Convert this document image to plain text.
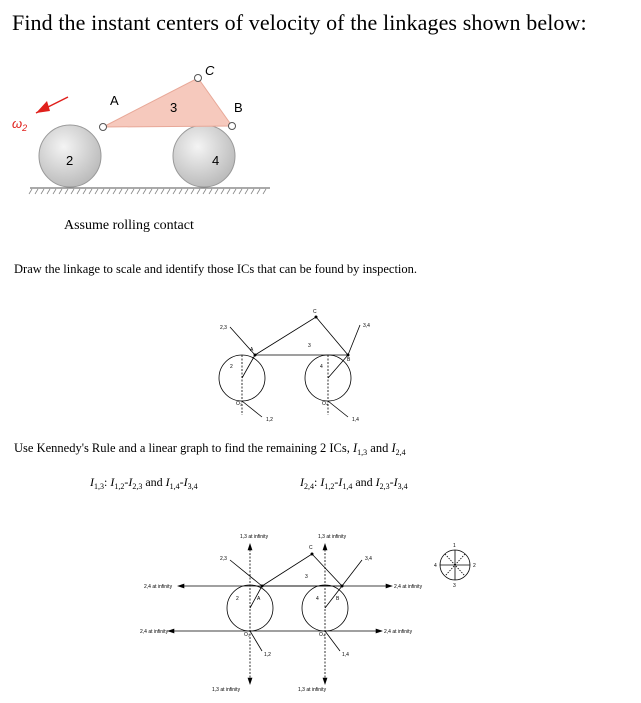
Find the instant centers of velocity of the linkages shown below:
$\omega_2$
A	B
C
2
3
4
Assume rolling contact
Draw the linkage to scale and identify those ICs that can be found by inspection.
2,3	3,4
1,2	1,4
A
B
C
2
3
4
O₂	O₄
Use Kennedy's Rule and a linear graph to find the remaining 2 ICs, $I_{1,3}$ and $I_{2,4}$
$I_{1,3}$: $I_{1,2}-I_{2,3}$ and $I_{1,4}-I_{3,4}$	$I_{2,4}$: $I_{1,2}-I_{1,4}$ and $I_{2,3}-I_{3,4}$
1
2
3
4
1,3 at infinity	1,3 at infinity
1,3 at infinity	1,3 at infinity
2,4 at infinity
2,4 at infinity
2,4 at infinity
2,4 at infinity
2,3	3,4
1,2	1,4
A	B
C
2
3
4
O₂	O₄
